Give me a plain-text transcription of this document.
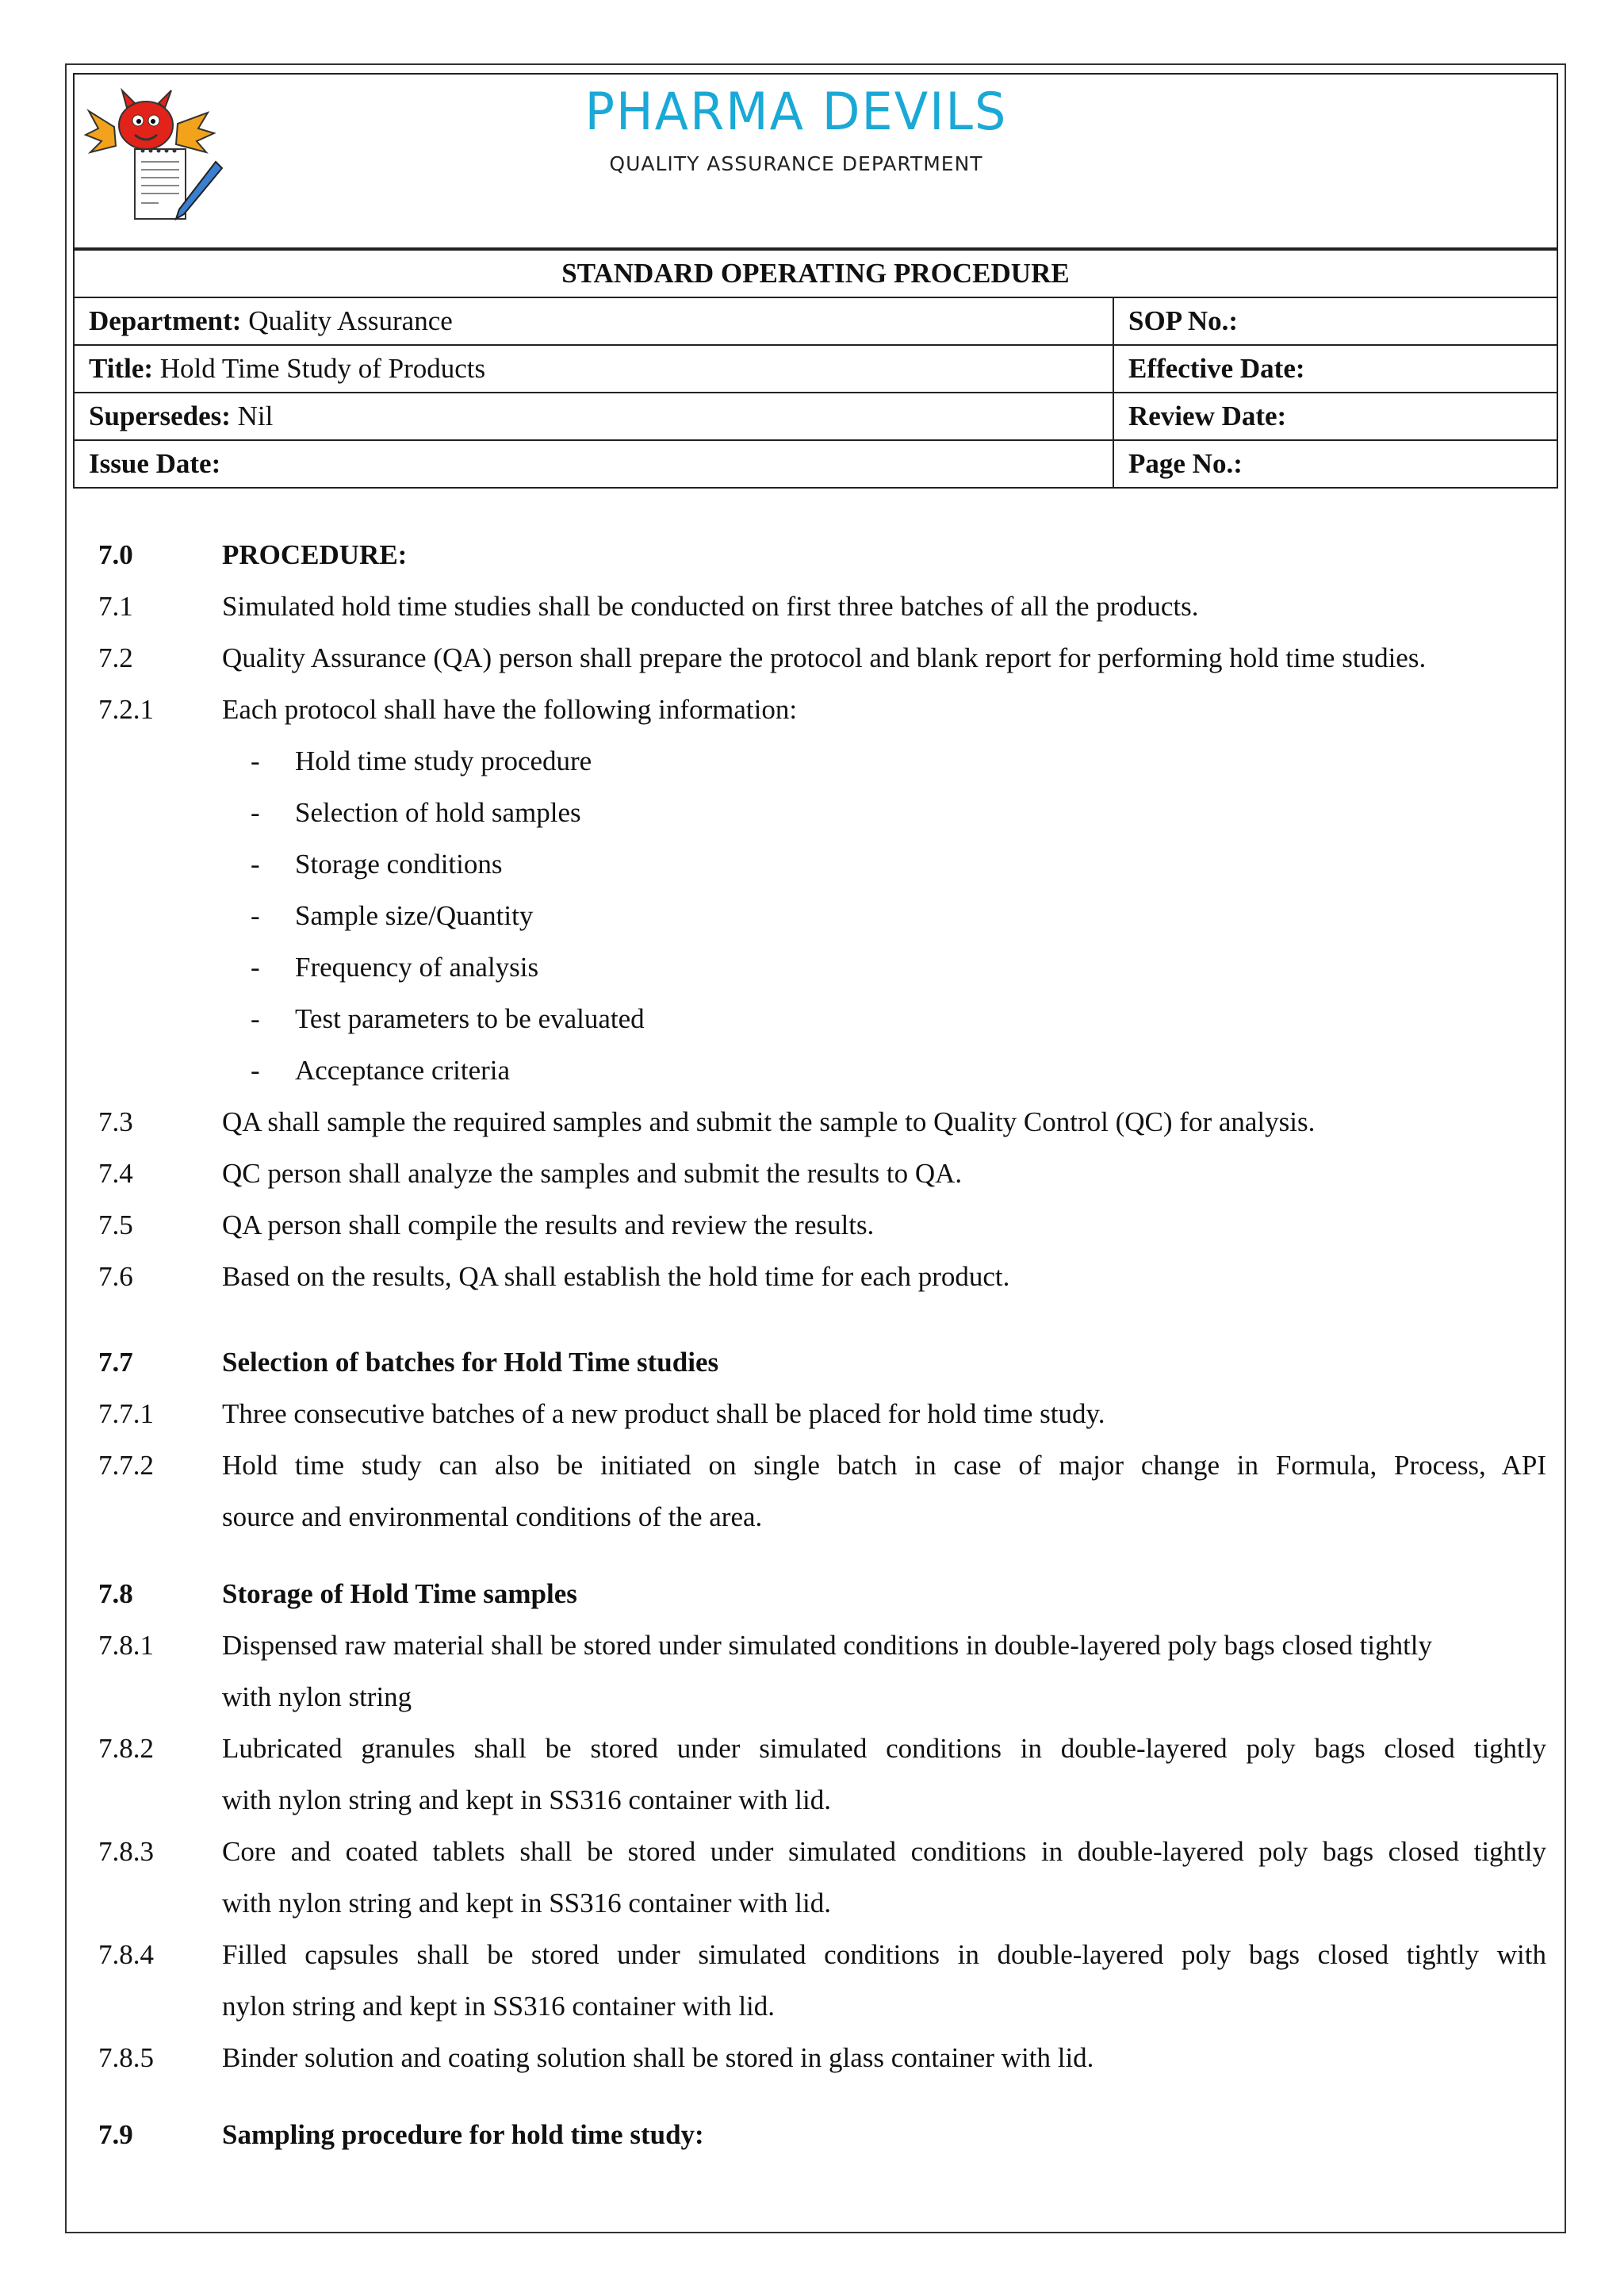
PHARMA DEVILS
QUALITY ASSURANCE DEPARTMENT
STANDARD OPERATING PROCEDURE	
Department: Quality Assurance	SOP No.:
Title: Hold Time Study of Products	Effective Date:
Supersedes: Nil	Review Date:
Issue Date:	Page No.:
7.0	PROCEDURE:
7.1	Simulated hold time studies shall be conducted on first three batches of all the products.
7.2	Quality Assurance (QA) person shall prepare the protocol and blank report for performing hold time studies.
7.2.1 Each protocol shall have the following information:
- Hold time study procedure
- Selection of hold samples
- Storage conditions
- Sample size/Quantity
- Frequency of analysis
- Test parameters to be evaluated
- Acceptance criteria
7.3	QA shall sample the required samples and submit the sample to Quality Control (QC) for analysis.
7.4	QC person shall analyze the samples and submit the results to QA.
7.5	QA person shall compile the results and review the results.
7.6	Based on the results, QA shall establish the hold time for each product.
7.7	Selection of batches for Hold Time studies
7.7.1 Three consecutive batches of a new product shall be placed for hold time study.
7.7.2 Hold time study can also be initiated on single batch in case of major change in Formula, Process, API
source and environmental conditions of the area.
7.8	Storage of Hold Time samples
7.8.1 Dispensed raw material shall be stored under simulated conditions in double-layered poly bags closed tightly
with nylon string
7.8.2 Lubricated granules shall be stored under simulated conditions in double-layered poly bags closed tightly
with nylon string and kept in SS316 container with lid.
7.8.3 Core and coated tablets shall be stored under simulated conditions in double-layered poly bags closed tightly
with nylon string and kept in SS316 container with lid.
7.8.4 Filled capsules shall be stored under simulated conditions in double-layered poly bags closed tightly with
nylon string and kept in SS316 container with lid.
7.8.5 Binder solution and coating solution shall be stored in glass container with lid.
7.9	Sampling procedure for hold time study:
